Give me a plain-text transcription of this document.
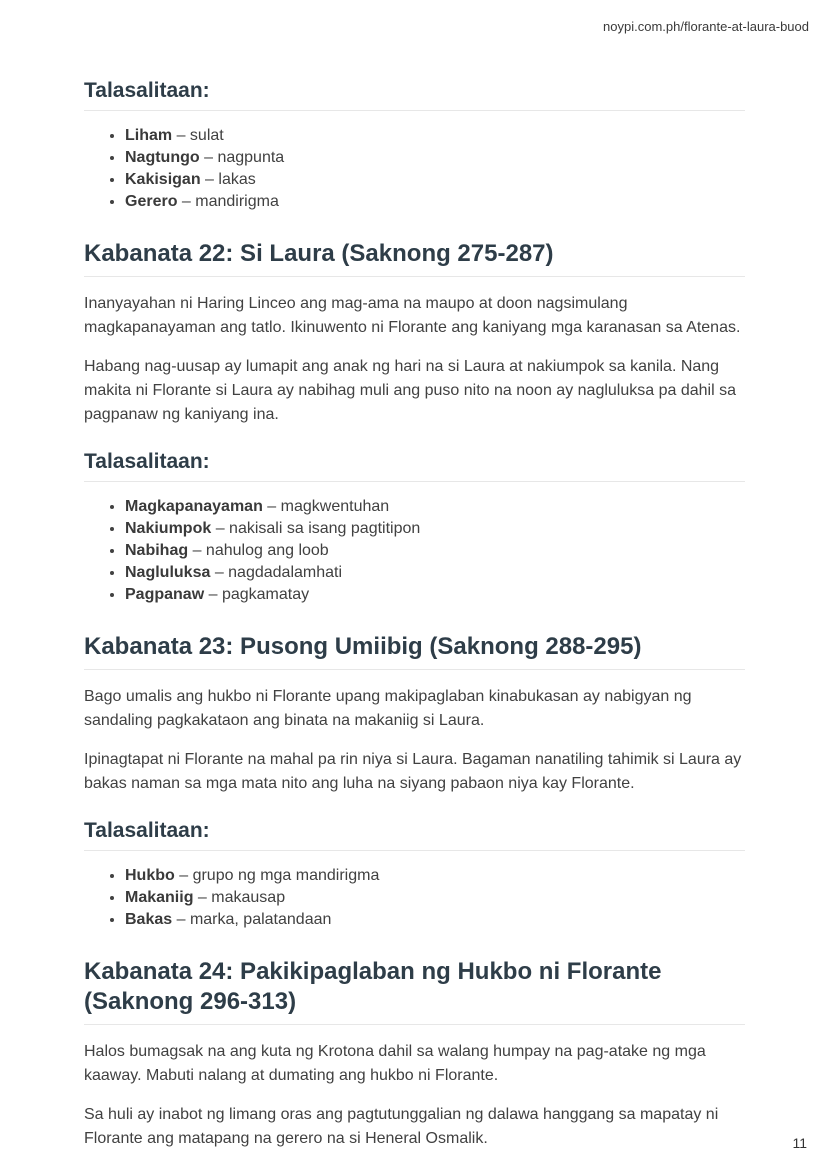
noypi.com.ph/florante-at-laura-buod
Talasalitaan:
• Liham – sulat
• Nagtungo – nagpunta
• Kakisigan – lakas
• Gerero – mandirigma
Kabanata 22: Si Laura (Saknong 275-287)

Inanyayahan ni Haring Linceo ang mag-ama na maupo at doon nagsimulang magkapanayaman ang tatlo. Ikinuwento ni Florante ang kaniyang mga karanasan sa Atenas.

Habang nag-uusap ay lumapit ang anak ng hari na si Laura at nakiumpok sa kanila. Nang makita ni Florante si Laura ay nabihag muli ang puso nito na noon ay nagluluksa pa dahil sa pagpanaw ng kaniyang ina.

Talasalitaan:
• Magkapanayaman – magkwentuhan
• Nakiumpok – nakisali sa isang pagtitipon
• Nabihag – nahulog ang loob
• Nagluluksa – nagdadalamhati
• Pagpanaw – pagkamatay
Kabanata 23: Pusong Umiibig (Saknong 288-295)

Bago umalis ang hukbo ni Florante upang makipaglaban kinabukasan ay nabigyan ng sandaling pagkakataon ang binata na makaniig si Laura.

Ipinagtapat ni Florante na mahal pa rin niya si Laura. Bagaman nanatiling tahimik si Laura ay bakas naman sa mga mata nito ang luha na siyang pabaon niya kay Florante.

Talasalitaan:
• Hukbo – grupo ng mga mandirigma
• Makaniig – makausap
• Bakas – marka, palatandaan
Kabanata 24: Pakikipaglaban ng Hukbo ni Florante (Saknong 296-313)

Halos bumagsak na ang kuta ng Krotona dahil sa walang humpay na pag-atake ng mga kaaway. Mabuti nalang at dumating ang hukbo ni Florante.

Sa huli ay inabot ng limang oras ang pagtutunggalian ng dalawa hanggang sa mapatay ni Florante ang matapang na gerero na si Heneral Osmalik.	11
